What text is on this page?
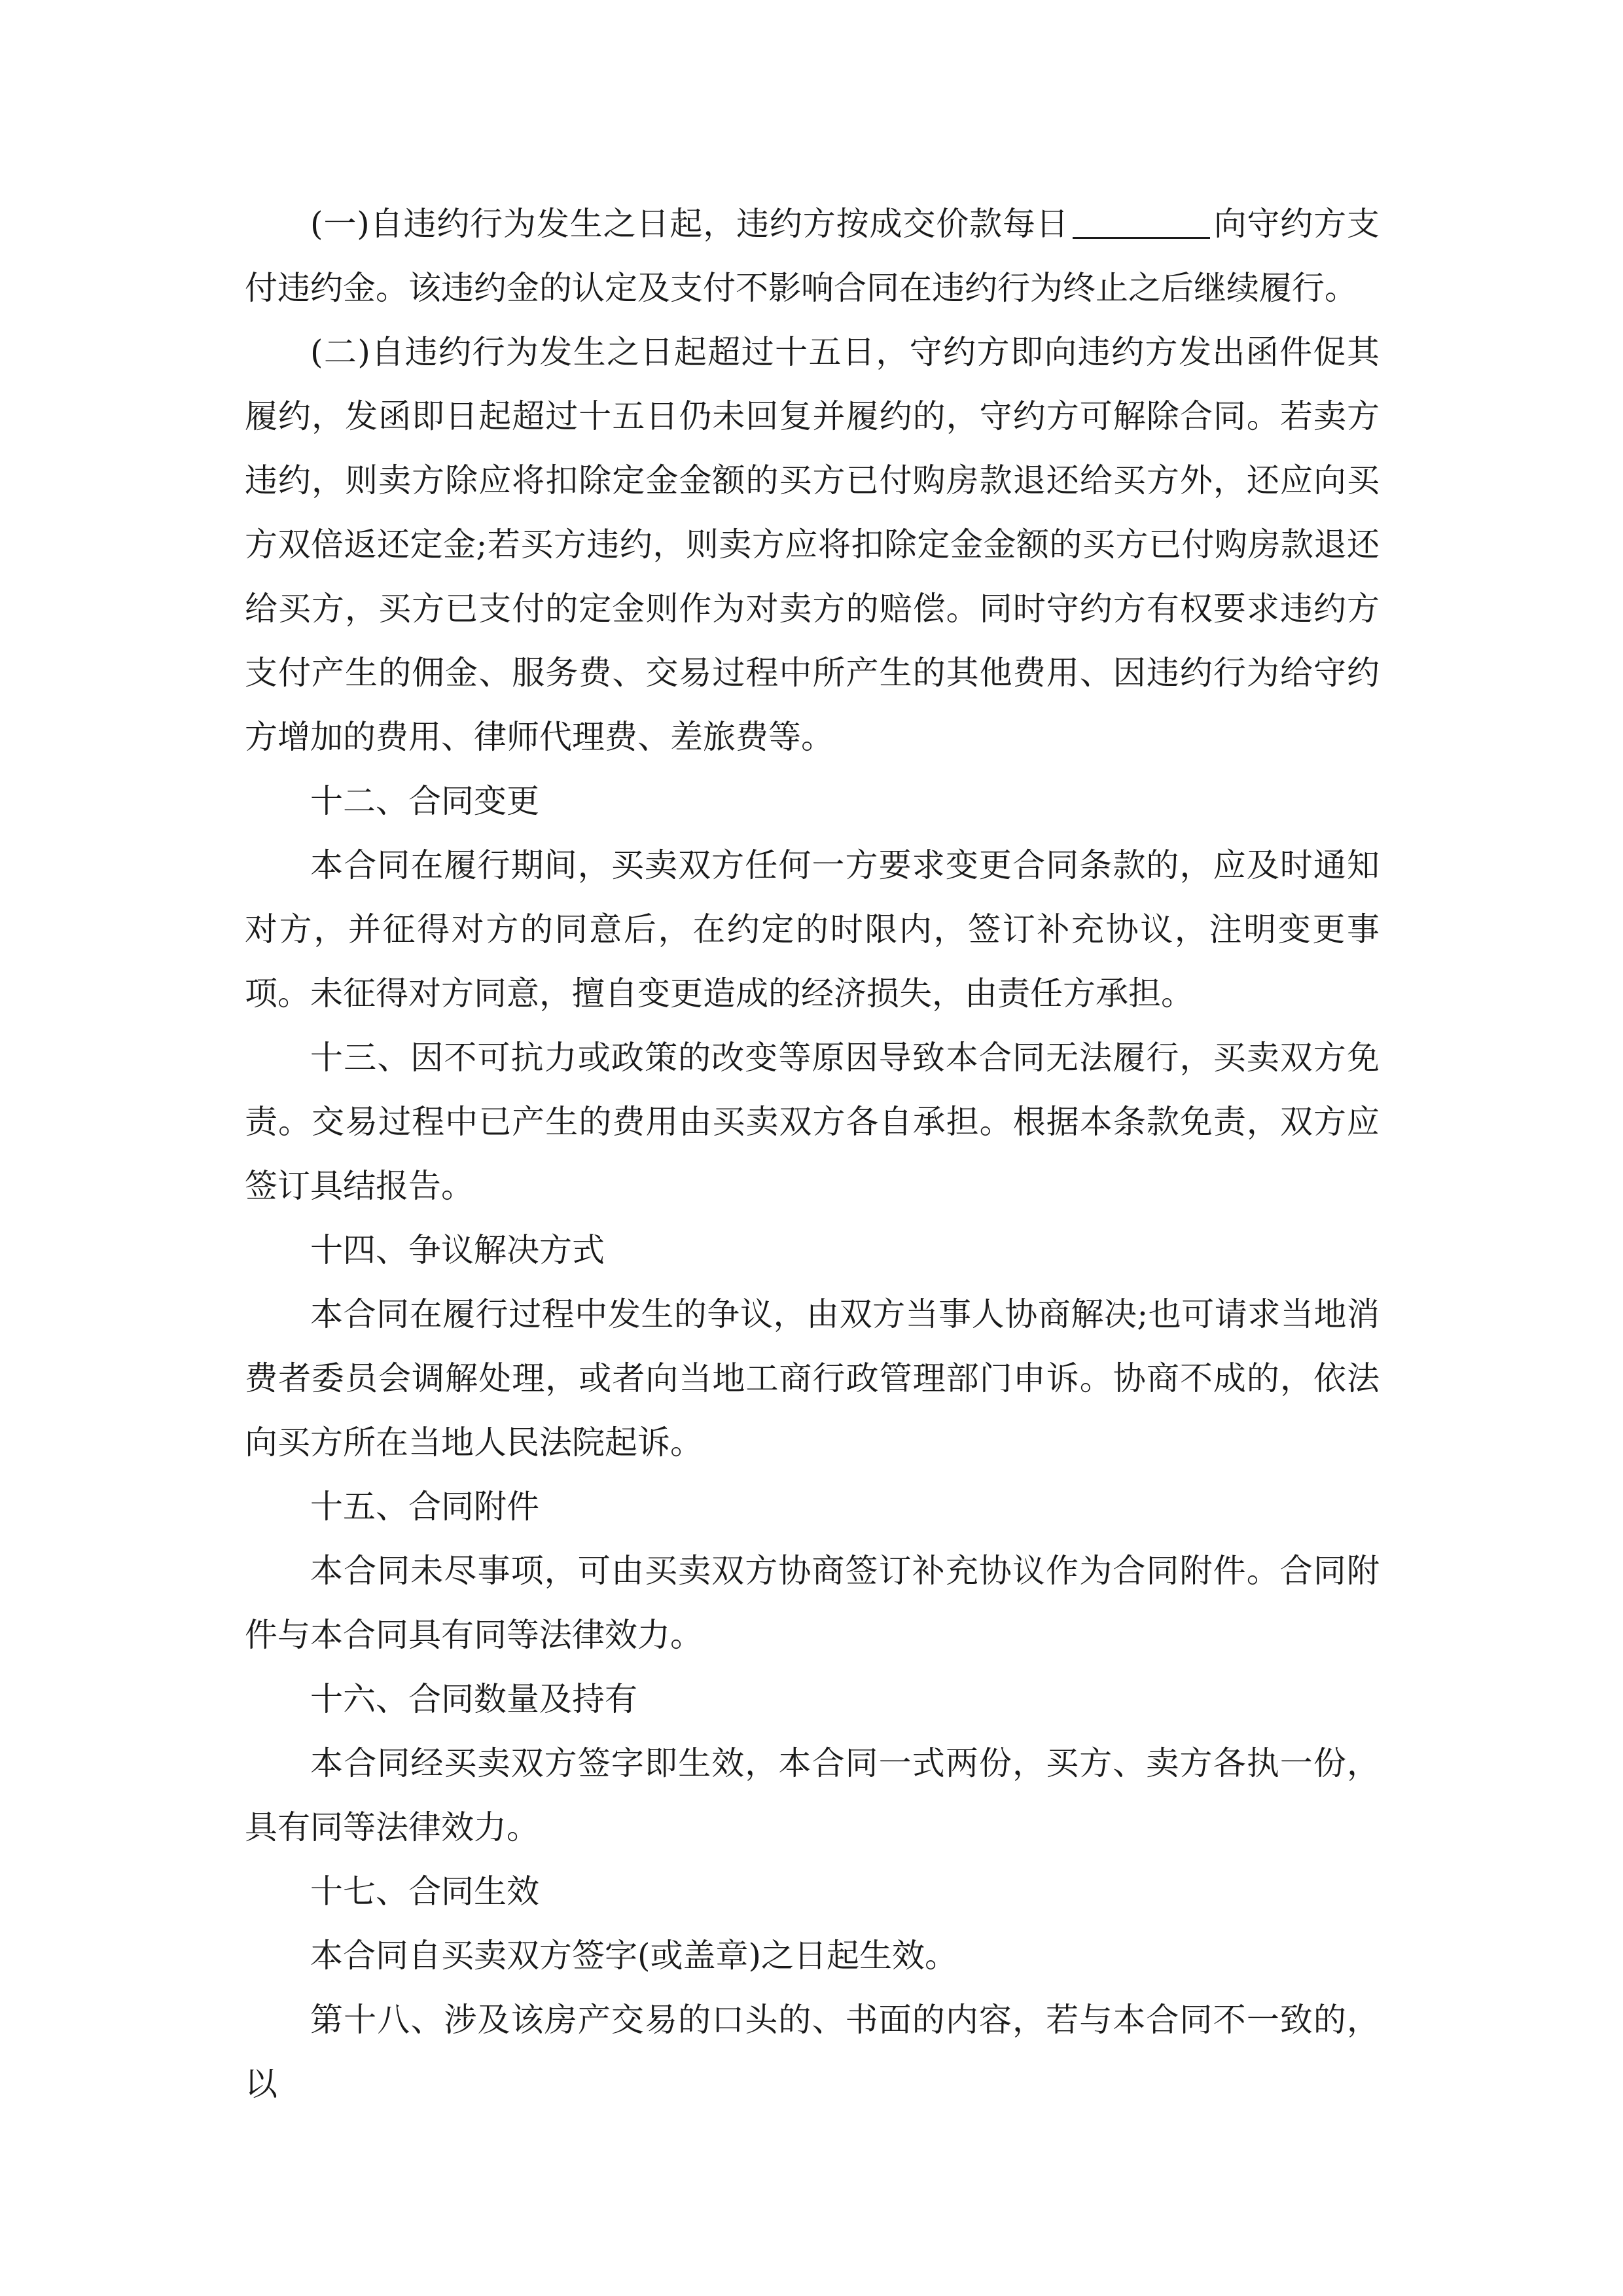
(一)自违约行为发生之日起，违约方按成交价款每日	向守约方支付违约金。该违约金的认定及支付不影响合同在违约行为终止之后继续履行。

(二)自违约行为发生之日起超过十五日，守约方即向违约方发出函件促其履约，发函即日起超过十五日仍未回复并履约的，守约方可解除合同。若卖方违约，则卖方除应将扣除定金金额的买方已付购房款退还给买方外，还应向买方双倍返还定金;若买方违约，则卖方应将扣除定金金额的买方已付购房款退还给买方，买方已支付的定金则作为对卖方的赔偿。同时守约方有权要求违约方支付产生的佣金、服务费、交易过程中所产生的其他费用、因违约行为给守约方增加的费用、律师代理费、差旅费等。

十二、合同变更

本合同在履行期间，买卖双方任何一方要求变更合同条款的，应及时通知对方，并征得对方的同意后，在约定的时限内，签订补充协议，注明变更事项。未征得对方同意，擅自变更造成的经济损失，由责任方承担。

十三、因不可抗力或政策的改变等原因导致本合同无法履行，买卖双方免责。交易过程中已产生的费用由买卖双方各自承担。根据本条款免责，双方应签订具结报告。

十四、争议解决方式

本合同在履行过程中发生的争议，由双方当事人协商解决;也可请求当地消费者委员会调解处理，或者向当地工商行政管理部门申诉。协商不成的，依法向买方所在当地人民法院起诉。

十五、合同附件

本合同未尽事项，可由买卖双方协商签订补充协议作为合同附件。合同附件与本合同具有同等法律效力。

十六、合同数量及持有

本合同经买卖双方签字即生效，本合同一式两份，买方、卖方各执一份，具有同等法律效力。

十七、合同生效

本合同自买卖双方签字(或盖章)之日起生效。

第十八、涉及该房产交易的口头的、书面的内容，若与本合同不一致的，以
